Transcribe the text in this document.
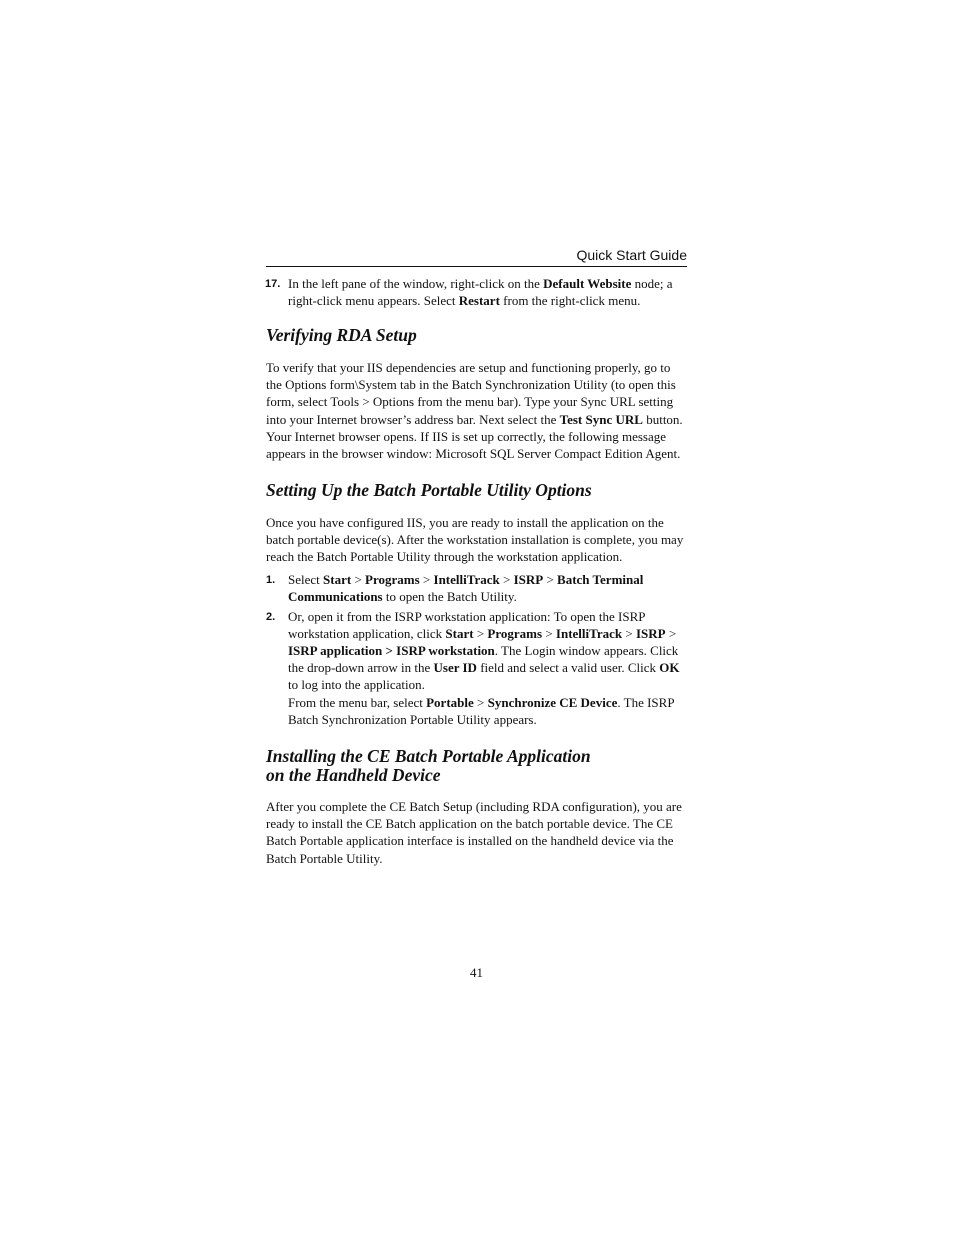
Quick Start Guide
17. In the left pane of the window, right-click on the Default Website node; a right-click menu appears. Select Restart from the right-click menu.

Verifying RDA Setup

To verify that your IIS dependencies are setup and functioning properly, go to the Options form\System tab in the Batch Synchronization Utility (to open this form, select Tools > Options from the menu bar). Type your Sync URL setting into your Internet browser’s address bar. Next select the Test Sync URL button. Your Internet browser opens. If IIS is set up correctly, the following message appears in the browser window: Microsoft SQL Server Compact Edition Agent.

Setting Up the Batch Portable Utility Options

Once you have configured IIS, you are ready to install the application on the batch portable device(s). After the workstation installation is complete, you may reach the Batch Portable Utility through the workstation application.

1. Select Start > Programs > IntelliTrack > ISRP > Batch Terminal Communications to open the Batch Utility.

2. Or, open it from the ISRP workstation application: To open the ISRP workstation application, click Start > Programs > IntelliTrack > ISRP > ISRP application > ISRP workstation. The Login window appears. Click the drop-down arrow in the User ID field and select a valid user. Click OK to log into the application.

From the menu bar, select Portable > Synchronize CE Device. The ISRP Batch Synchronization Portable Utility appears.

Installing the CE Batch Portable Application
on the Handheld Device

After you complete the CE Batch Setup (including RDA configuration), you are ready to install the CE Batch application on the batch portable device. The CE Batch Portable application interface is installed on the handheld device via the Batch Portable Utility.

41
